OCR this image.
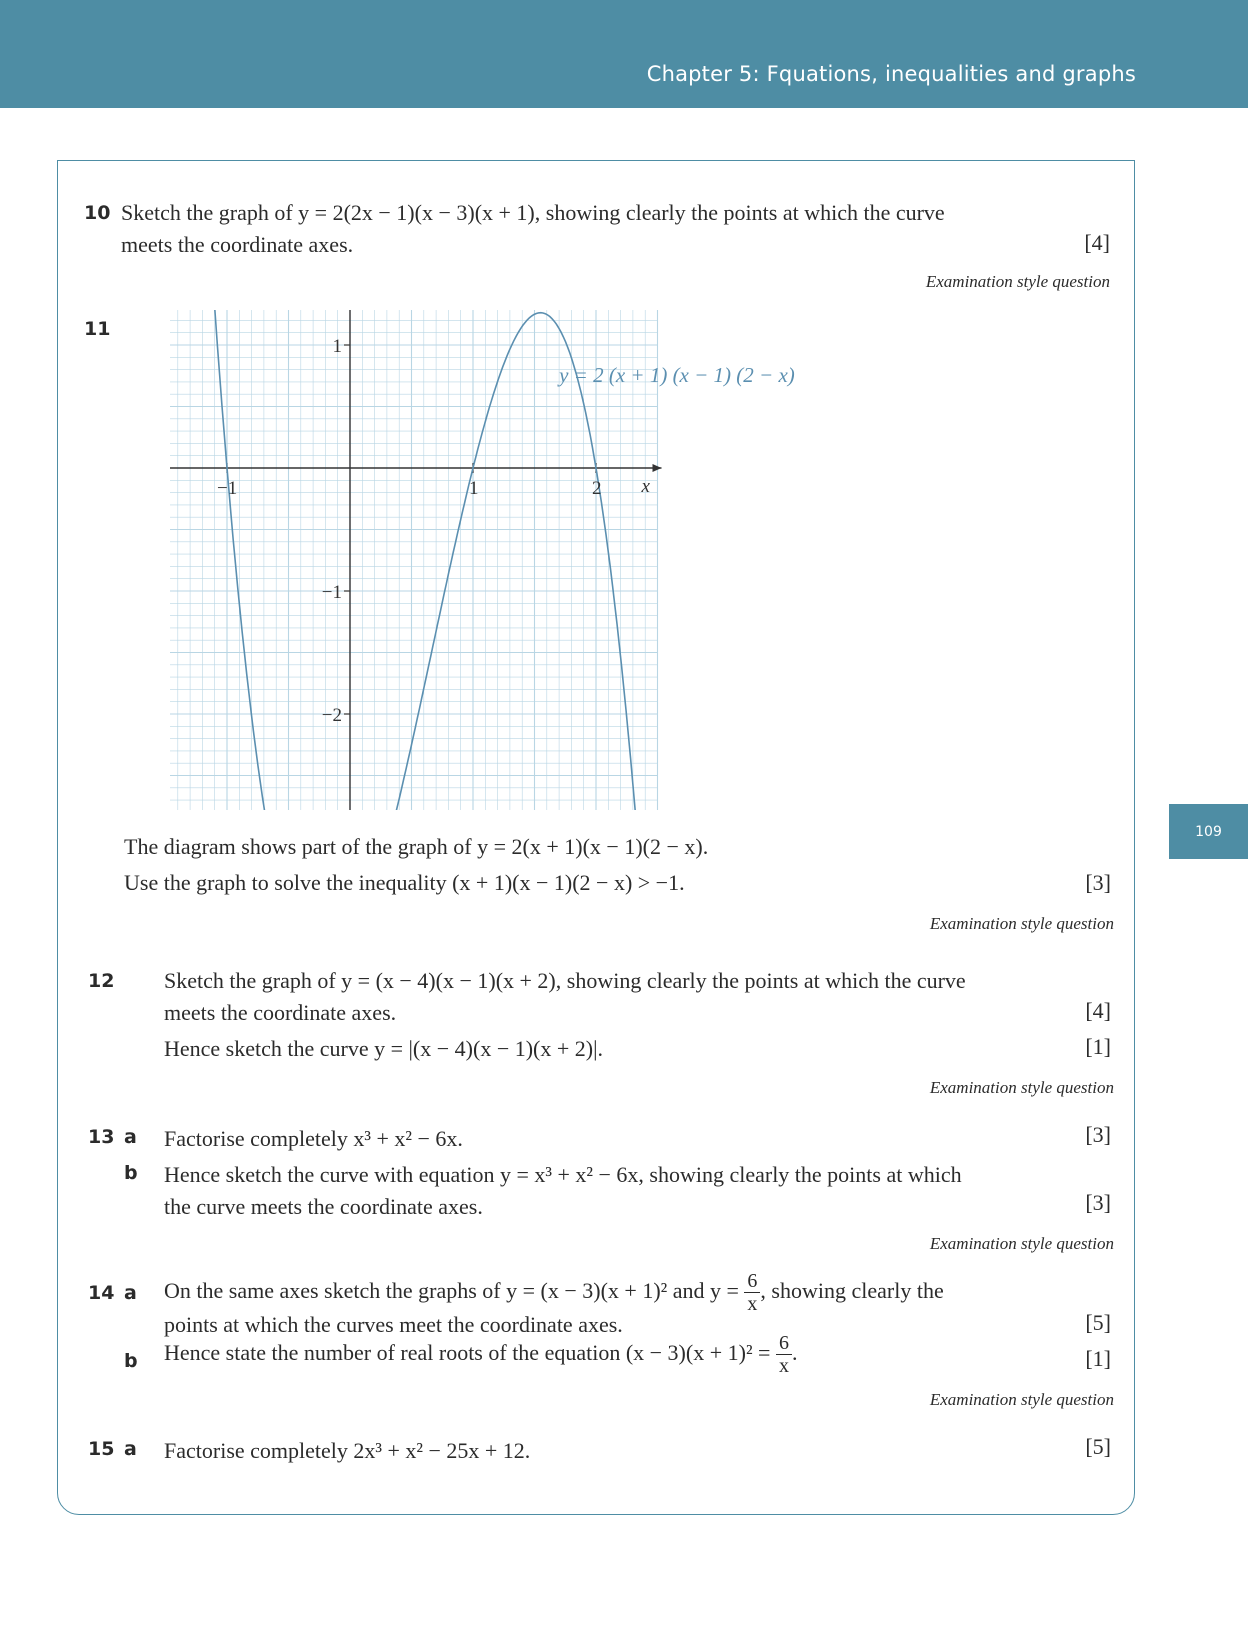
Chapter 5: Fquations, inequalities and graphs
109
10 Sketch the graph of y = 2(2x − 1)(x − 3)(x + 1), showing clearly the points at which the curve
meets the coordinate axes.	[4]
Examination style question
11
x
−1	1	2
1
−1
−2
y = 2 (x + 1) (x − 1) (2 − x)
The diagram shows part of the graph of y = 2(x + 1)(x − 1)(2 − x).
Use the graph to solve the inequality (x + 1)(x − 1)(2 − x) > −1.	[3]
Examination style question
12 Sketch the graph of y = (x − 4)(x − 1)(x + 2), showing clearly the points at which the curve
meets the coordinate axes.	[4]
Hence sketch the curve y = |(x − 4)(x − 1)(x + 2)|.	[1]
Examination style question
13 a Factorise completely x³ + x² − 6x.	[3]
b Hence sketch the curve with equation y = x³ + x² − 6x, showing clearly the points at which
the curve meets the coordinate axes.	[3]
Examination style question
14 a On the same axes sketch the graphs of y = (x − 3)(x + 1)² and $y = \frac{6}{x}$ , showing clearly the
points at which the curves meet the coordinate axes.	[5]
b Hence state the number of real roots of the equation $(x - 3)(x + 1)^2 = \frac{6}{x}$ .	[1]
Examination style question
15 a Factorise completely 2x³ + x² − 25x + 12.	[5]
